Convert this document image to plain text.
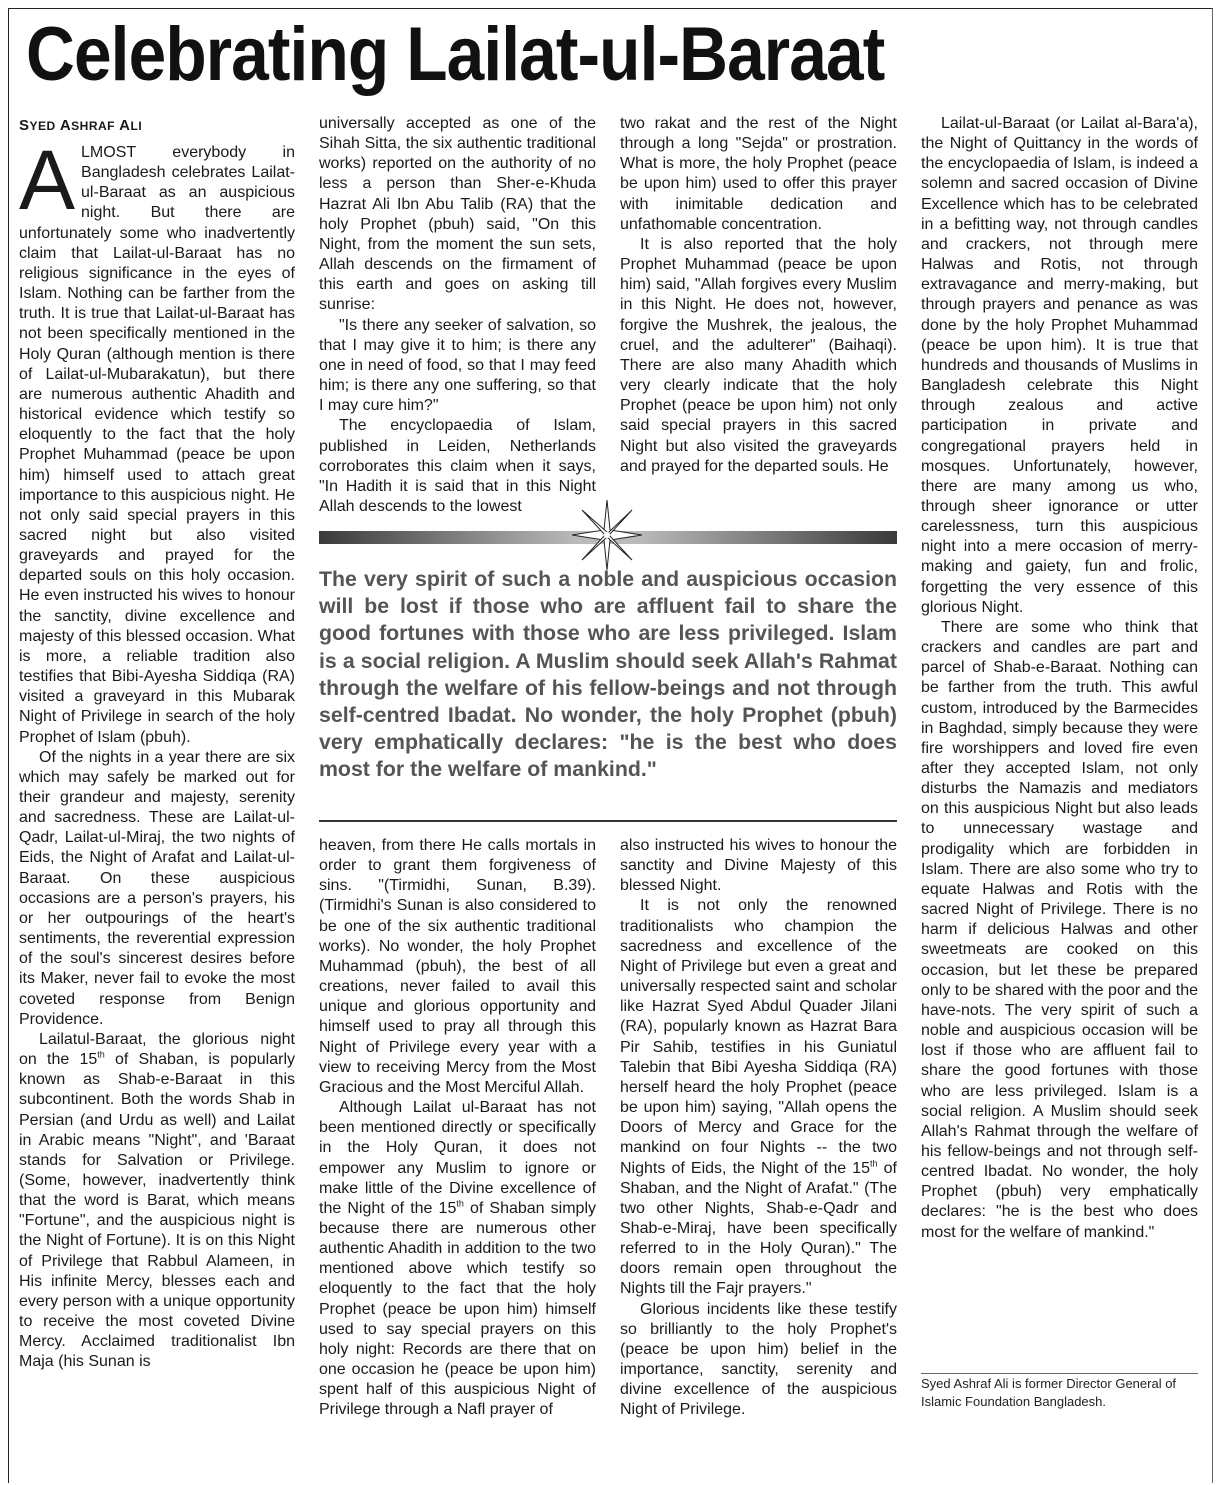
Celebrating Lailat-ul-Baraat
SYED ASHRAF ALI

ALMOST everybody in Bangladesh celebrates Lailat-ul-Baraat as an auspicious night. But there are unfortunately some who inadvertently claim that Lailat-ul-Baraat has no religious significance in the eyes of Islam. Nothing can be farther from the truth. It is true that Lailat-ul-Baraat has not been specifically mentioned in the Holy Quran (although mention is there of Lailat-ul-Mubarakatun), but there are numerous authentic Ahadith and historical evidence which testify so eloquently to the fact that the holy Prophet Muhammad (peace be upon him) himself used to attach great importance to this auspicious night. He not only said special prayers in this sacred night but also visited graveyards and prayed for the departed souls on this holy occasion. He even instructed his wives to honour the sanctity, divine excellence and majesty of this blessed occasion. What is more, a reliable tradition also testifies that Bibi-Ayesha Siddiqa (RA) visited a graveyard in this Mubarak Night of Privilege in search of the holy Prophet of Islam (pbuh).

Of the nights in a year there are six which may safely be marked out for their grandeur and majesty, serenity and sacredness. These are Lailat-ul-Qadr, Lailat-ul-Miraj, the two nights of Eids, the Night of Arafat and Lailat-ul-Baraat. On these auspicious occasions are a person's prayers, his or her outpourings of the heart's sentiments, the reverential expression of the soul's sincerest desires before its Maker, never fail to evoke the most coveted response from Benign Providence.

Lailatul-Baraat, the glorious night on the 15th of Shaban, is popularly known as Shab-e-Baraat in this subcontinent. Both the words Shab in Persian (and Urdu as well) and Lailat in Arabic means "Night", and 'Baraat stands for Salvation or Privilege. (Some, however, inadvertently think that the word is Barat, which means "Fortune", and the auspicious night is the Night of Fortune). It is on this Night of Privilege that Rabbul Alameen, in His infinite Mercy, blesses each and every person with a unique opportunity to receive the most coveted Divine Mercy. Acclaimed traditionalist Ibn Maja (his Sunan is

universally accepted as one of the Sihah Sitta, the six authentic traditional works) reported on the authority of no less a person than Sher-e-Khuda Hazrat Ali Ibn Abu Talib (RA) that the holy Prophet (pbuh) said, "On this Night, from the moment the sun sets, Allah descends on the firmament of this earth and goes on asking till sunrise:

"Is there any seeker of salvation, so that I may give it to him; is there any one in need of food, so that I may feed him; is there any one suffering, so that I may cure him?"

The encyclopaedia of Islam, published in Leiden, Netherlands corroborates this claim when it says, "In Hadith it is said that in this Night Allah descends to the lowest

two rakat and the rest of the Night through a long "Sejda" or prostration. What is more, the holy Prophet (peace be upon him) used to offer this prayer with inimitable dedication and unfathomable concentration.

It is also reported that the holy Prophet Muhammad (peace be upon him) said, "Allah forgives every Muslim in this Night. He does not, however, forgive the Mushrek, the jealous, the cruel, and the adulterer" (Baihaqi). There are also many Ahadith which very clearly indicate that the holy Prophet (peace be upon him) not only said special prayers in this sacred Night but also visited the graveyards and prayed for the departed souls. He

The very spirit of such a noble and auspicious occasion will be lost if those who are affluent fail to share the good fortunes with those who are less privileged. Islam is a social religion. A Muslim should seek Allah's Rahmat through the welfare of his fellow-beings and not through self-centred Ibadat. No wonder, the holy Prophet (pbuh) very emphatically declares: "he is the best who does most for the welfare of mankind."

heaven, from there He calls mortals in order to grant them forgiveness of sins. "(Tirmidhi, Sunan, B.39). (Tirmidhi's Sunan is also considered to be one of the six authentic traditional works). No wonder, the holy Prophet Muhammad (pbuh), the best of all creations, never failed to avail this unique and glorious opportunity and himself used to pray all through this Night of Privilege every year with a view to receiving Mercy from the Most Gracious and the Most Merciful Allah.

Although Lailat ul-Baraat has not been mentioned directly or specifically in the Holy Quran, it does not empower any Muslim to ignore or make little of the Divine excellence of the Night of the 15th of Shaban simply because there are numerous other authentic Ahadith in addition to the two mentioned above which testify so eloquently to the fact that the holy Prophet (peace be upon him) himself used to say special prayers on this holy night: Records are there that on one occasion he (peace be upon him) spent half of this auspicious Night of Privilege through a Nafl prayer of

also instructed his wives to honour the sanctity and Divine Majesty of this blessed Night.

It is not only the renowned traditionalists who champion the sacredness and excellence of the Night of Privilege but even a great and universally respected saint and scholar like Hazrat Syed Abdul Quader Jilani (RA), popularly known as Hazrat Bara Pir Sahib, testifies in his Guniatul Talebin that Bibi Ayesha Siddiqa (RA) herself heard the holy Prophet (peace be upon him) saying, "Allah opens the Doors of Mercy and Grace for the mankind on four Nights -- the two Nights of Eids, the Night of the 15th of Shaban, and the Night of Arafat." (The two other Nights, Shab-e-Qadr and Shab-e-Miraj, have been specifically referred to in the Holy Quran)." The doors remain open throughout the Nights till the Fajr prayers."

Glorious incidents like these testify so brilliantly to the holy Prophet's (peace be upon him) belief in the importance, sanctity, serenity and divine excellence of the auspicious Night of Privilege.

Lailat-ul-Baraat (or Lailat al-Bara'a), the Night of Quittancy in the words of the encyclopaedia of Islam, is indeed a solemn and sacred occasion of Divine Excellence which has to be celebrated in a befitting way, not through candles and crackers, not through mere Halwas and Rotis, not through extravagance and merry-making, but through prayers and penance as was done by the holy Prophet Muhammad (peace be upon him). It is true that hundreds and thousands of Muslims in Bangladesh celebrate this Night through zealous and active participation in private and congregational prayers held in mosques. Unfortunately, however, there are many among us who, through sheer ignorance or utter carelessness, turn this auspicious night into a mere occasion of merry-making and gaiety, fun and frolic, forgetting the very essence of this glorious Night.

There are some who think that crackers and candles are part and parcel of Shab-e-Baraat. Nothing can be farther from the truth. This awful custom, introduced by the Barmecides in Baghdad, simply because they were fire worshippers and loved fire even after they accepted Islam, not only disturbs the Namazis and mediators on this auspicious Night but also leads to unnecessary wastage and prodigality which are forbidden in Islam. There are also some who try to equate Halwas and Rotis with the sacred Night of Privilege. There is no harm if delicious Halwas and other sweetmeats are cooked on this occasion, but let these be prepared only to be shared with the poor and the have-nots. The very spirit of such a noble and auspicious occasion will be lost if those who are affluent fail to share the good fortunes with those who are less privileged. Islam is a social religion. A Muslim should seek Allah's Rahmat through the welfare of his fellow-beings and not through self-centred Ibadat. No wonder, the holy Prophet (pbuh) very emphatically declares: "he is the best who does most for the welfare of mankind."

Syed Ashraf Ali is former Director General of Islamic Foundation Bangladesh.
